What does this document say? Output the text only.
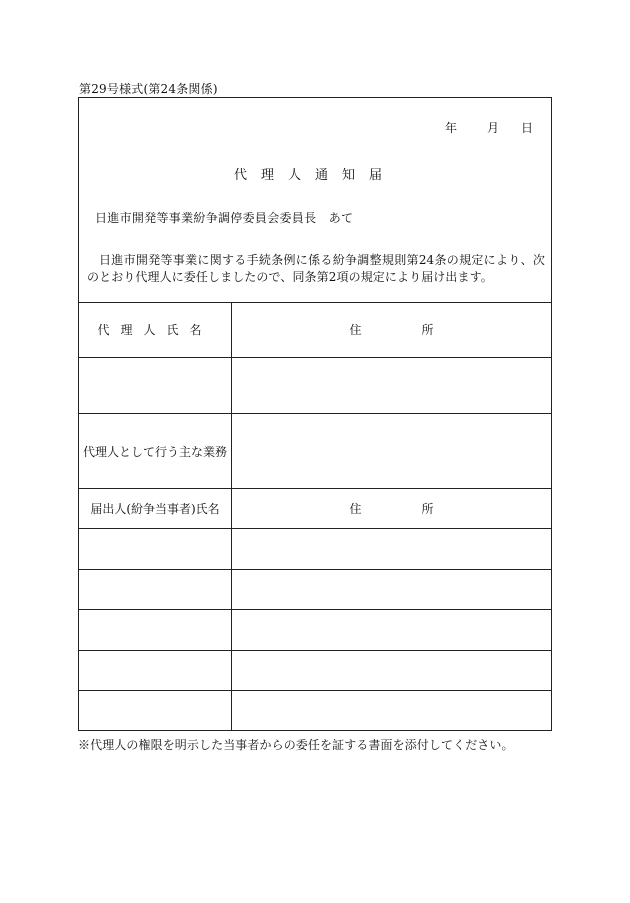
第29号様式(第24条関係)
年	月 日
代理人通知届
日進市開発等事業紛争調停委員会委員長　あて
日進市開発等事業に関する手続条例に係る紛争調整規則第24条の規定により、次のとおり代理人に委任しましたので、同条第2項の規定により届け出ます。
代理人氏名	住所
代理人として行う主な業務
届出人(紛争当事者)氏名	住所
※代理人の権限を明示した当事者からの委任を証する書面を添付してください。
